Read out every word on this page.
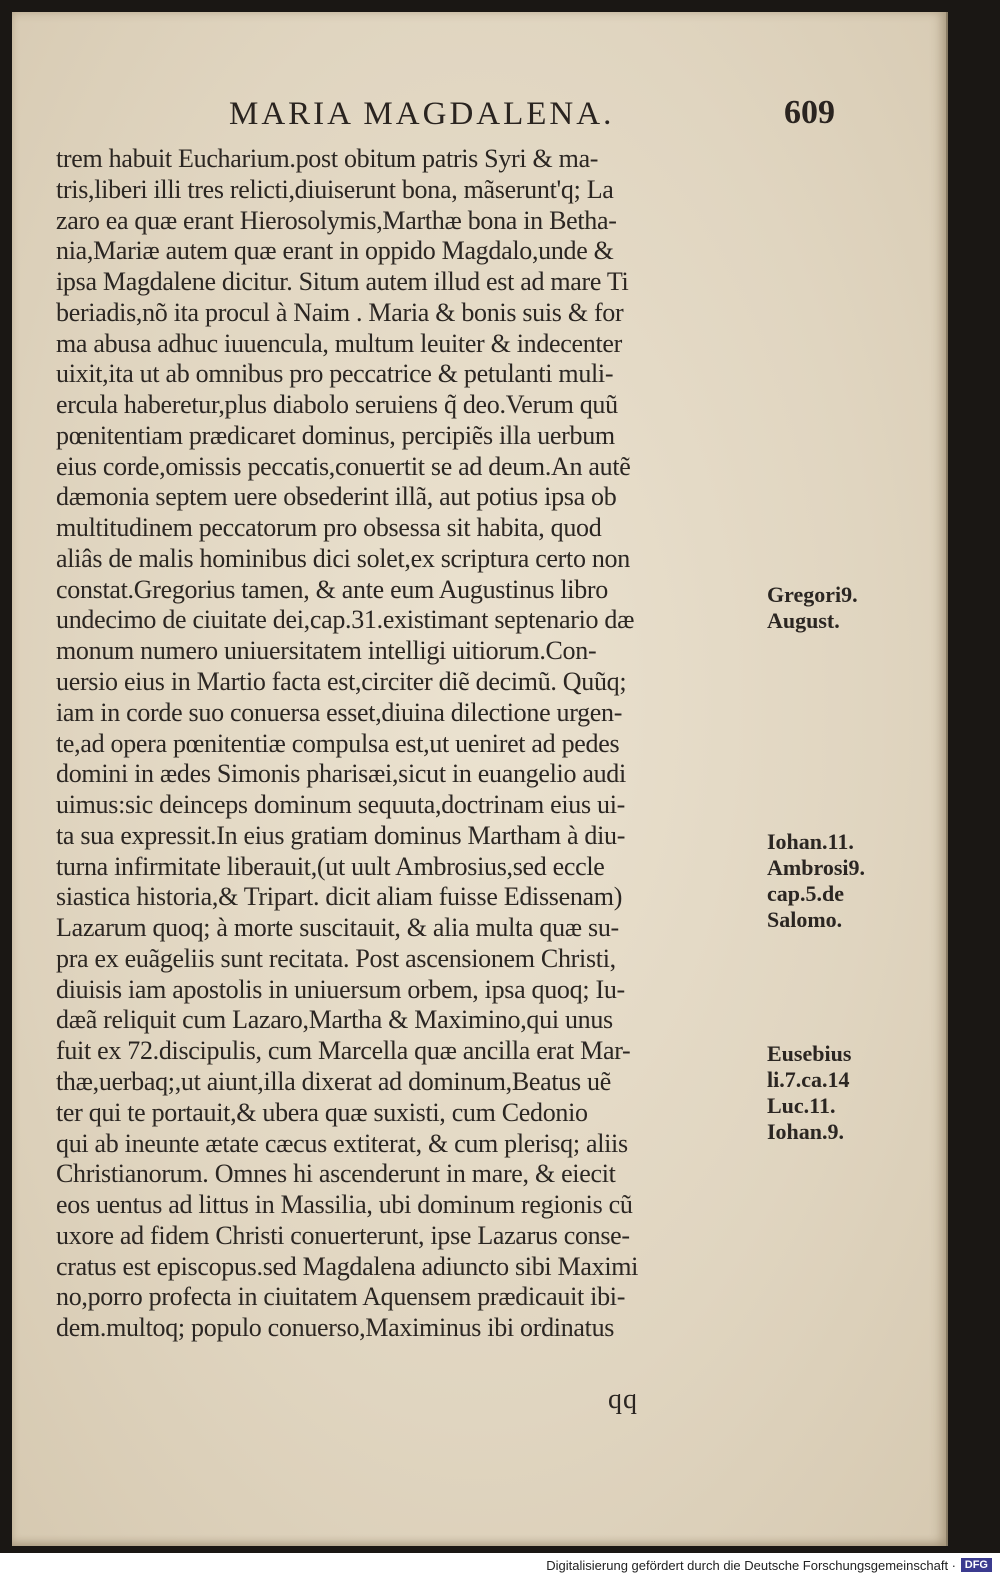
MARIA MAGDALENA.	609
trem habuit Eucharium.post obitum patris Syri & ma-
tris,liberi illi tres relicti,diuiserunt bona, mãserunt'q; La
zaro ea quæ erant Hierosolymis,Marthæ bona in Betha-
nia,Mariæ autem quæ erant in oppido Magdalo,unde &
ipsa Magdalene dicitur. Situm autem illud est ad mare Ti
beriadis,nõ ita procul à Naim . Maria & bonis suis & for
ma abusa adhuc iuuencula, multum leuiter & indecenter
uixit,ita ut ab omnibus pro peccatrice & petulanti muli-
ercula haberetur,plus diabolo seruiens q̃ deo.Verum quũ
pœnitentiam prædicaret dominus, percipiẽs illa uerbum
eius corde,omissis peccatis,conuertit se ad deum.An autẽ
dæmonia septem uere obsederint illã, aut potius ipsa ob
multitudinem peccatorum pro obsessa sit habita, quod
aliâs de malis hominibus dici solet,ex scriptura certo non
constat.Gregorius tamen, & ante eum Augustinus libro
undecimo de ciuitate dei,cap.31.existimant septenario dæ
monum numero uniuersitatem intelligi uitiorum.Con-
uersio eius in Martio facta est,circiter diẽ decimũ. Quũq;
iam in corde suo conuersa esset,diuina dilectione urgen-
te,ad opera pœnitentiæ compulsa est,ut ueniret ad pedes
domini in ædes Simonis pharisæi,sicut in euangelio audi
uimus:sic deinceps dominum sequuta,doctrinam eius ui-
ta sua expressit.In eius gratiam dominus Martham à diu-
turna infirmitate liberauit,(ut uult Ambrosius,sed eccle
siastica historia,& Tripart. dicit aliam fuisse Edissenam)
Lazarum quoq; à morte suscitauit, & alia multa quæ su-
pra ex euãgeliis sunt recitata. Post ascensionem Christi,
diuisis iam apostolis in uniuersum orbem, ipsa quoq; Iu-
dæã reliquit cum Lazaro,Martha & Maximino,qui unus
fuit ex 72.discipulis, cum Marcella quæ ancilla erat Mar-
thæ,uerbaq;,ut aiunt,illa dixerat ad dominum,Beatus uẽ
ter qui te portauit,& ubera quæ suxisti, cum Cedonio
qui ab ineunte ætate cæcus extiterat, & cum plerisq; aliis
Christianorum. Omnes hi ascenderunt in mare, & eiecit
eos uentus ad littus in Massilia, ubi dominum regionis cũ
uxore ad fidem Christi conuerterunt, ipse Lazarus conse-
cratus est episcopus.sed Magdalena adiuncto sibi Maximi
no,porro profecta in ciuitatem Aquensem prædicauit ibi-
dem.multoq; populo conuerso,Maximinus ibi ordinatus
Gregori9.
August.
Iohan.11.
Ambrosi9.
cap.5.de
Salomo.
Eusebius
li.7.ca.14
Luc.11.
Iohan.9.
qq
Digitalisierung gefördert durch die Deutsche Forschungsgemeinschaft · DFG
